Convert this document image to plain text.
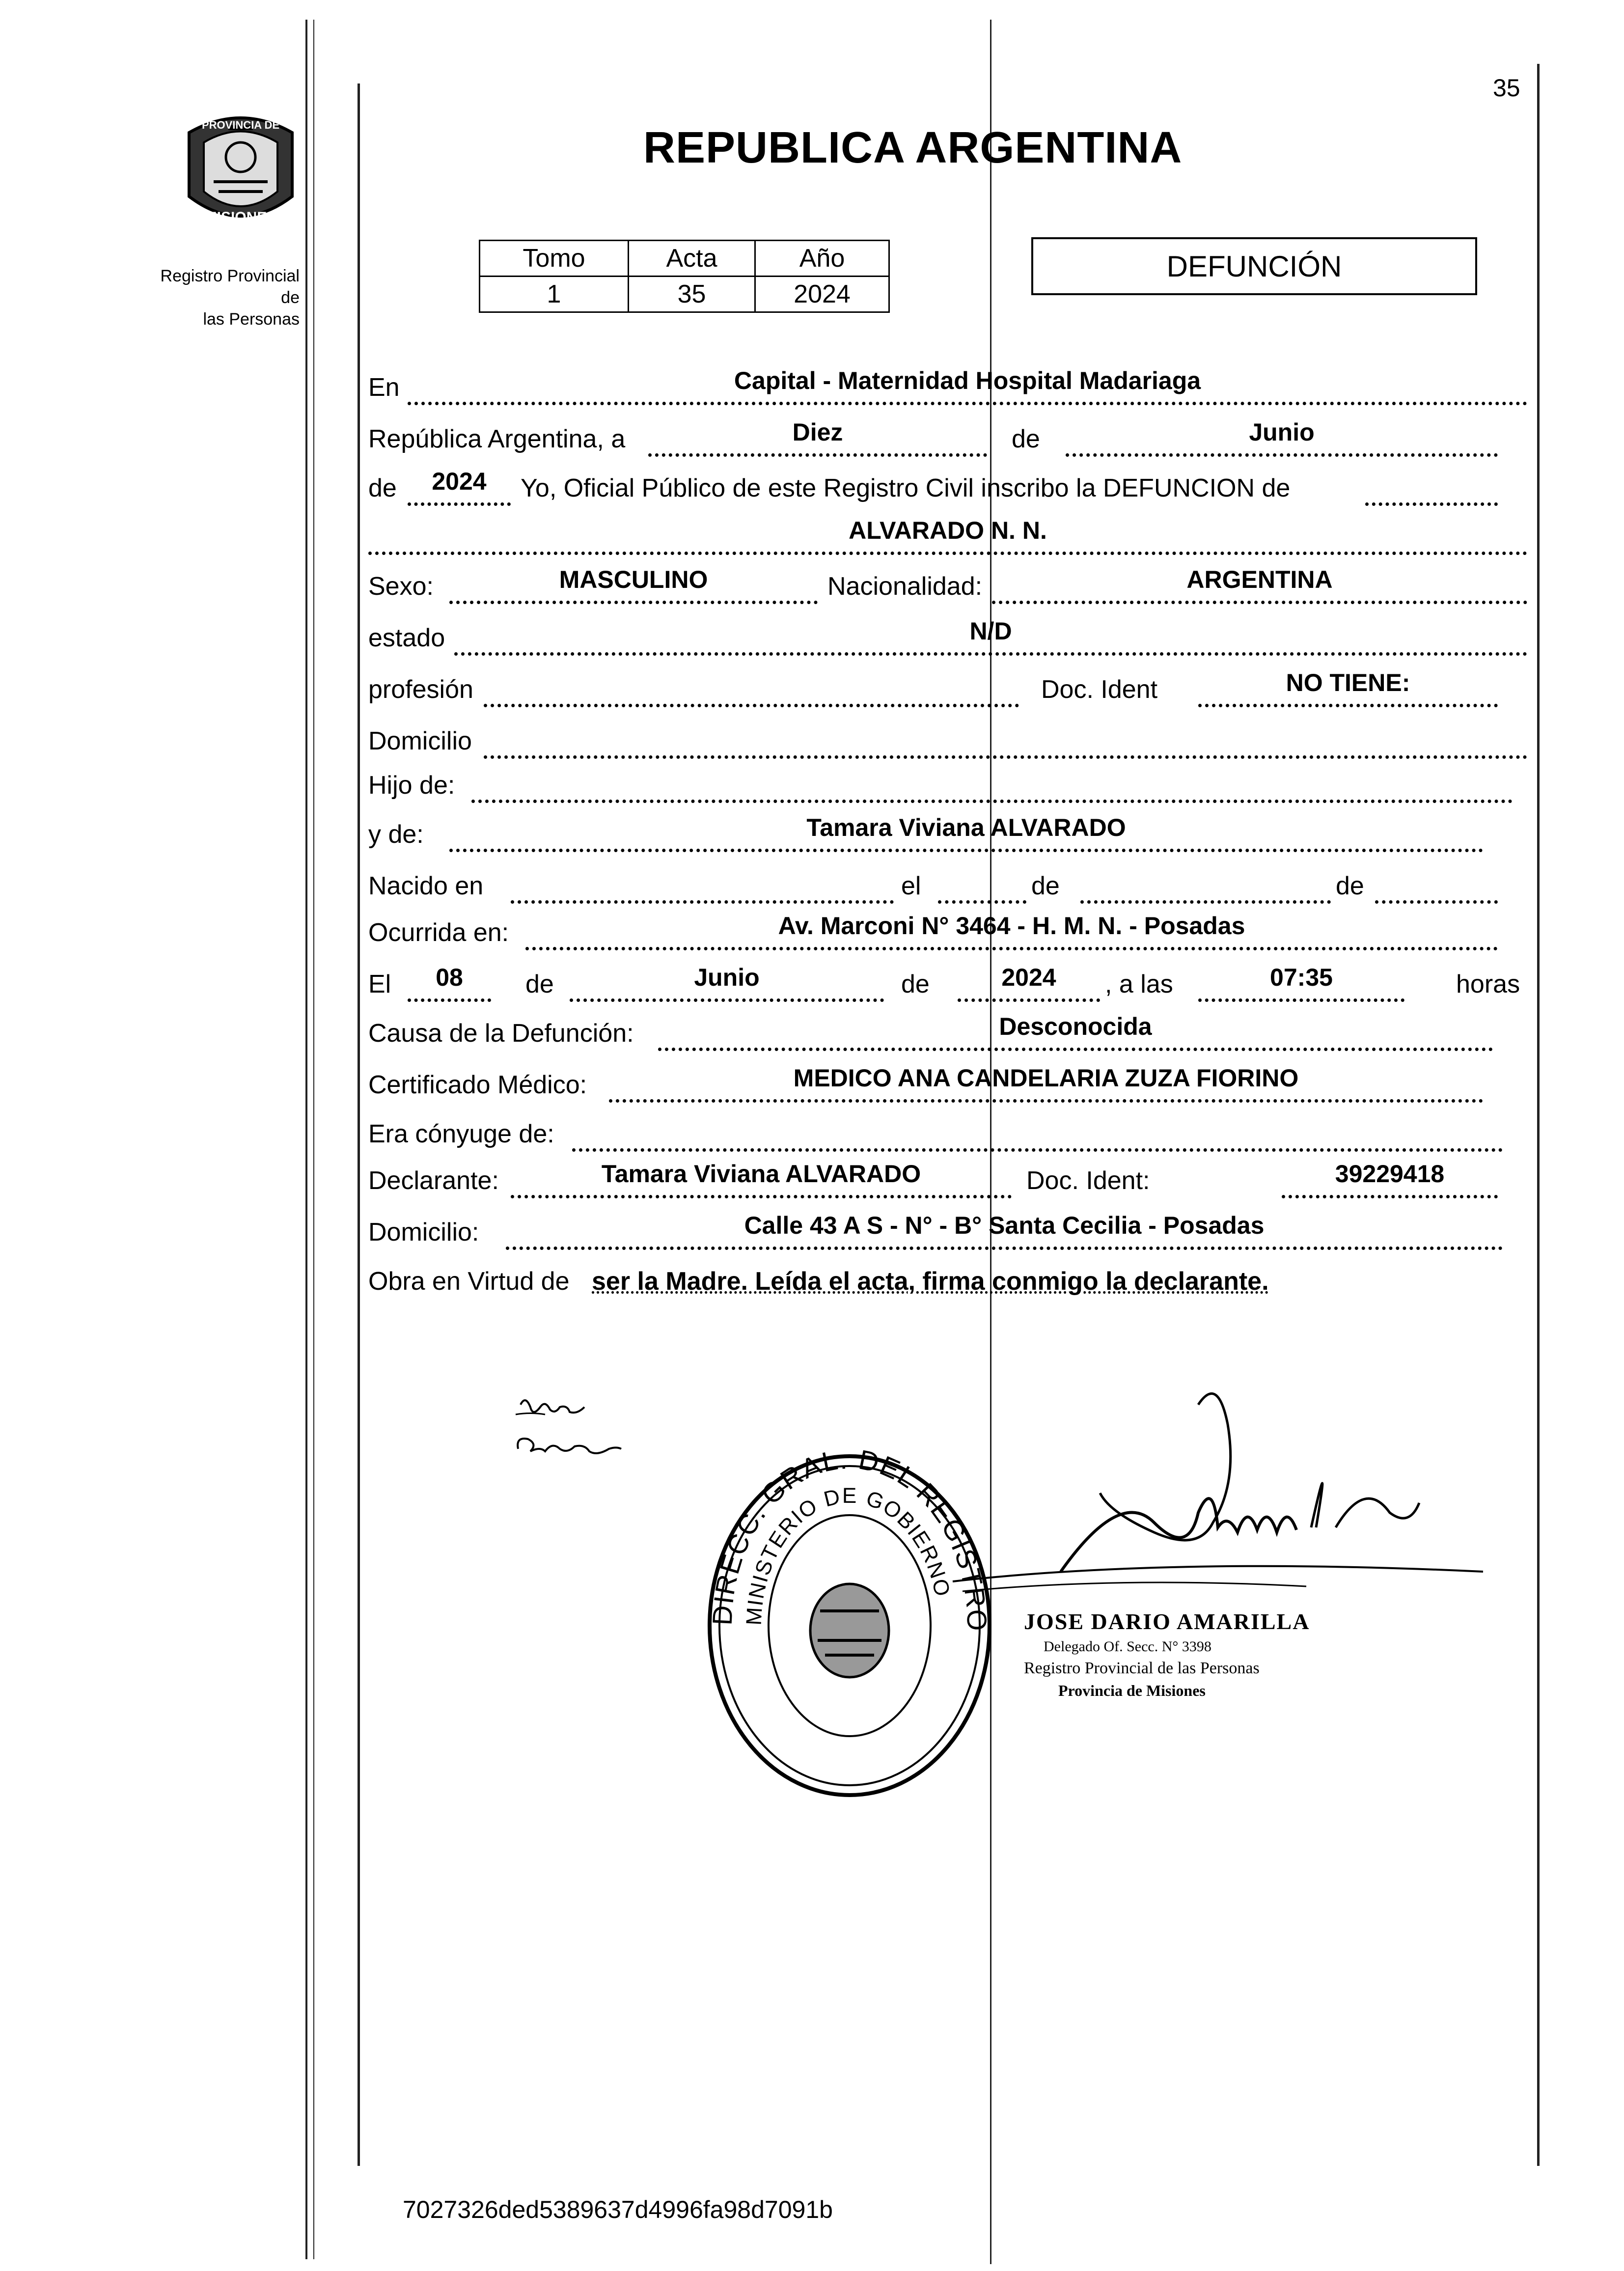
35
PROVINCIA DE
MISIONES
Registro Provincial de
las Personas
REPUBLICA ARGENTINA
Tomo	Acta	Año
1	35	2024
DEFUNCIÓN
En	Capital - Maternidad Hospital Madariaga
República Argentina, a	Diez	de	Junio
de	2024	Yo, Oficial Público de este Registro Civil inscribo la DEFUNCION de
ALVARADO N. N.
Sexo:	MASCULINO	Nacionalidad:	ARGENTINA
estado	N/D
profesión	Doc. Ident	NO TIENE:
Domicilio
Hijo de:
y de:	Tamara Viviana ALVARADO
Nacido en	el	de	de
Ocurrida en:	Av. Marconi N° 3464 - H. M. N. - Posadas
El	08	de	Junio	de	2024	, a las	07:35	horas
Causa de la Defunción:	Desconocida
Certificado Médico:	MEDICO ANA CANDELARIA ZUZA FIORINO
Era cónyuge de:
Declarante:	Tamara Viviana ALVARADO	Doc. Ident:	39229418
Domicilio:	Calle 43 A S - N° - B° Santa Cecilia - Posadas
Obra en Virtud de ser la Madre. Leída el acta, firma conmigo la declarante.
DIRECC. GRAL. DEL REGISTRO
MINISTERIO DE GOBIERNO
JOSE DARIO AMARILLA
Delegado Of. Secc. N° 3398
Registro Provincial de las Personas
Provincia de Misiones
7027326ded5389637d4996fa98d7091b
